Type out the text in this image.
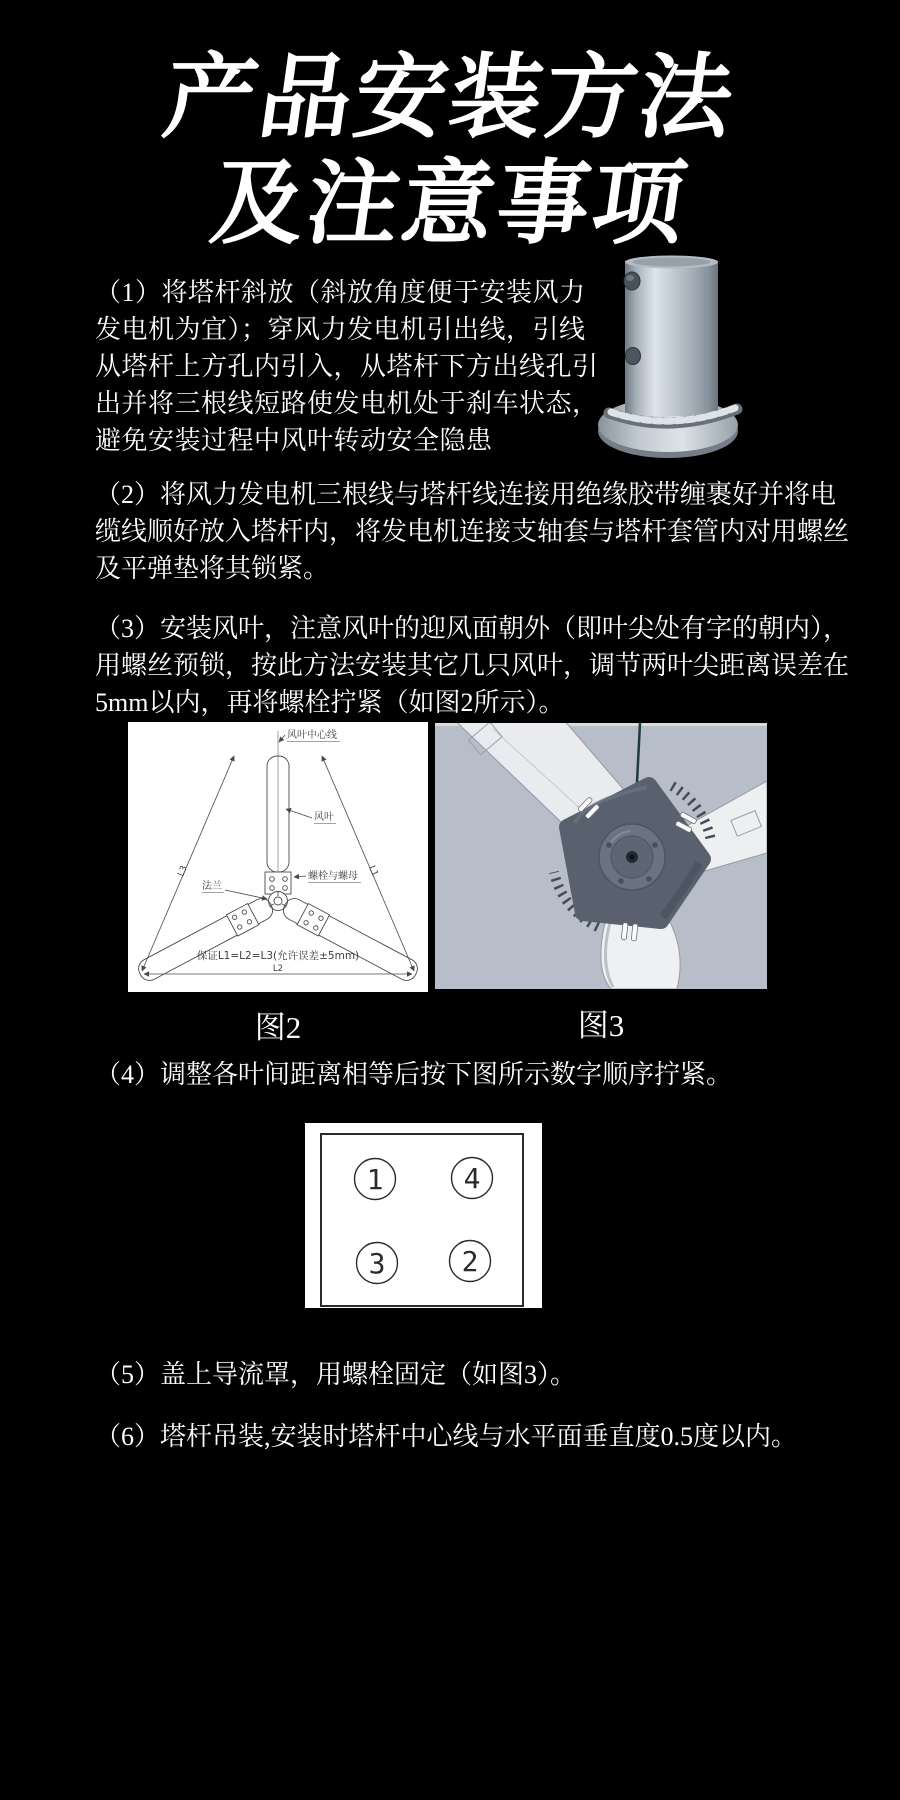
产品安装方法
及注意事项
（1）将塔杆斜放（斜放角度便于安装风力发电机为宜）；穿风力发电机引出线，引线从塔杆上方孔内引入，从塔杆下方出线孔引出并将三根线短路使发电机处于刹车状态，避免安装过程中风叶转动安全隐患
（2）将风力发电机三根线与塔杆线连接用绝缘胶带缠裹好并将电缆线顺好放入塔杆内，将发电机连接支轴套与塔杆套管内对用螺丝及平弹垫将其锁紧。
（3）安装风叶，注意风叶的迎风面朝外（即叶尖处有字的朝内），用螺丝预锁，按此方法安装其它几只风叶，调节两叶尖距离误差在5mm以内，再将螺栓拧紧（如图2所示）。
风叶中心线
风叶
螺栓与螺母
法兰
保证L1=L2=L3(允许误差±5mm)
L2
L3	L1
图2	图3
（4）调整各叶间距离相等后按下图所示数字顺序拧紧。
1	4
3	2
（5）盖上导流罩，用螺栓固定（如图3）。
（6）塔杆吊装,安装时塔杆中心线与水平面垂直度0.5度以内。
